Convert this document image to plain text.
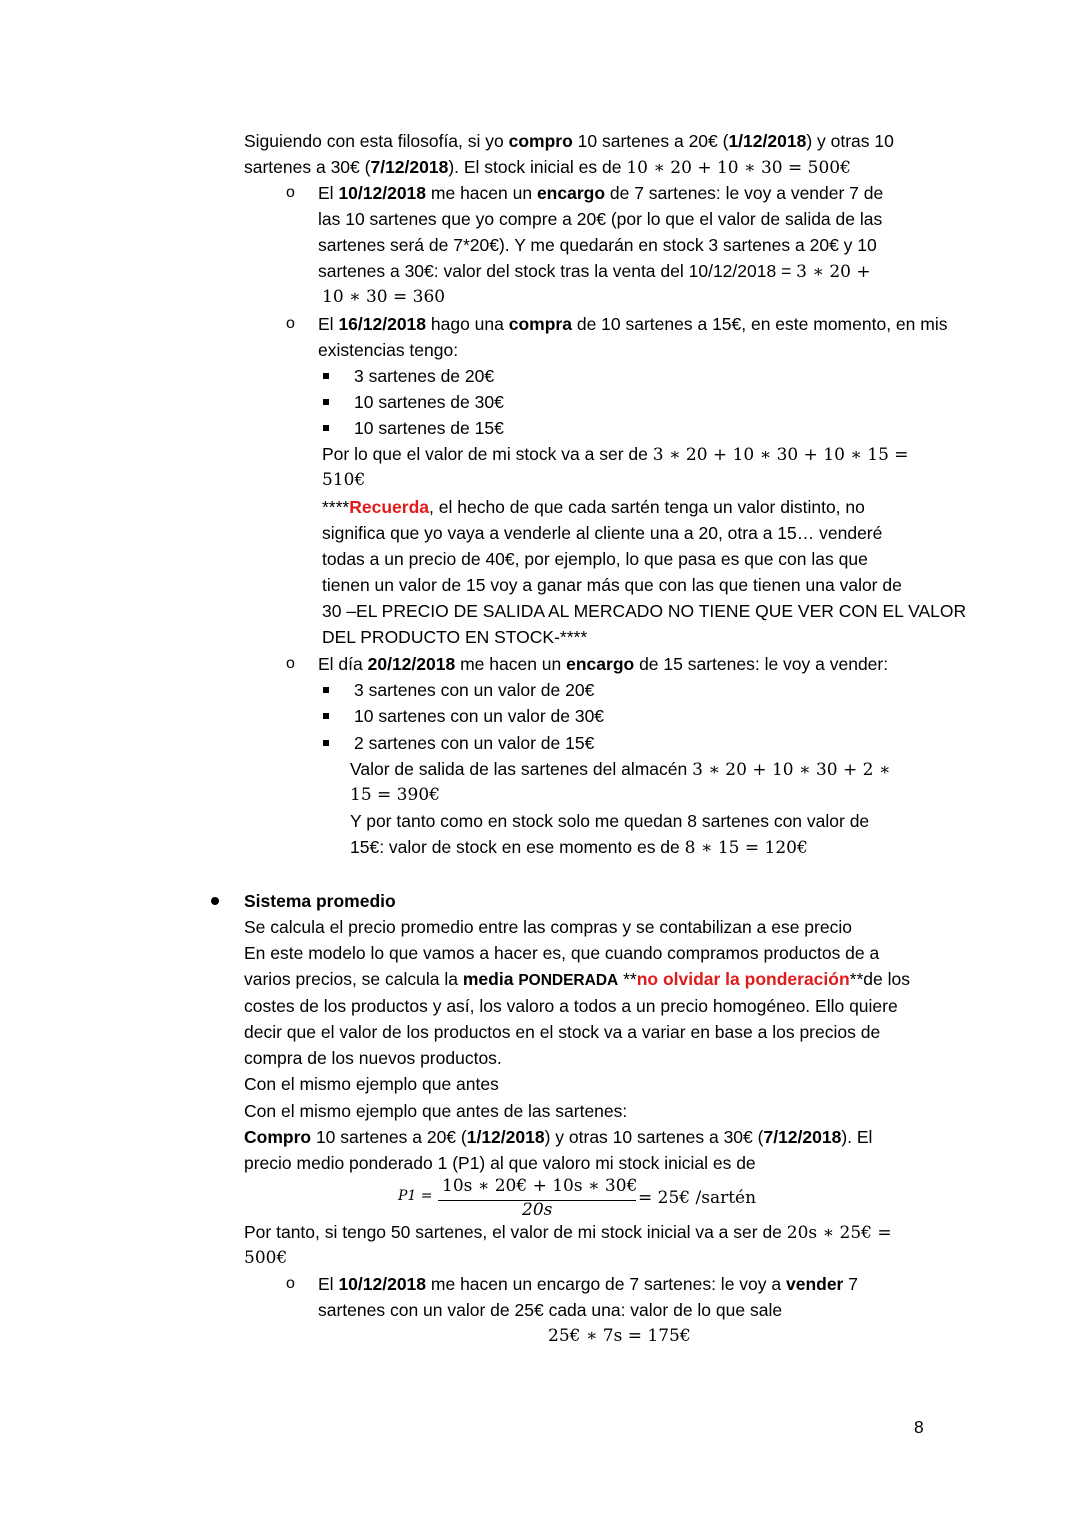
Siguiendo con esta filosofía, si yo compro 10 sartenes a 20€ (1/12/2018) y otras 10
sartenes a 30€ (7/12/2018). El stock inicial es de 10 ∗ 20 + 10 ∗ 30 = 500€
o El 10/12/2018 me hacen un encargo de 7 sartenes: le voy a vender 7 de
las 10 sartenes que yo compre a 20€ (por lo que el valor de salida de las
sartenes será de 7*20€). Y me quedarán en stock 3 sartenes a 20€ y 10
sartenes a 30€: valor del stock tras la venta del 10/12/2018 = 3 ∗ 20 +
10 ∗ 30 = 360
o El 16/12/2018 hago una compra de 10 sartenes a 15€, en este momento, en mis
existencias tengo:
3 sartenes de 20€
10 sartenes de 30€
10 sartenes de 15€
Por lo que el valor de mi stock va a ser de 3 ∗ 20 + 10 ∗ 30 + 10 ∗ 15 =
510€
****Recuerda, el hecho de que cada sartén tenga un valor distinto, no
significa que yo vaya a venderle al cliente una a 20, otra a 15… venderé
todas a un precio de 40€, por ejemplo, lo que pasa es que con las que
tienen un valor de 15 voy a ganar más que con las que tienen una valor de
30 –EL PRECIO DE SALIDA AL MERCADO NO TIENE QUE VER CON EL VALOR
DEL PRODUCTO EN STOCK-****
o El día 20/12/2018 me hacen un encargo de 15 sartenes: le voy a vender:
3 sartenes con un valor de 20€
10 sartenes con un valor de 30€
2 sartenes con un valor de 15€
Valor de salida de las sartenes del almacén 3 ∗ 20 + 10 ∗ 30 + 2 ∗
15 = 390€
Y por tanto como en stock solo me quedan 8 sartenes con valor de
15€: valor de stock en ese momento es de 8 ∗ 15 = 120€
Sistema promedio
Se calcula el precio promedio entre las compras y se contabilizan a ese precio
En este modelo lo que vamos a hacer es, que cuando compramos productos de a
varios precios, se calcula la media PONDERADA **no olvidar la ponderación**de los
costes de los productos y así, los valoro a todos a un precio homogéneo. Ello quiere
decir que el valor de los productos en el stock va a variar en base a los precios de
compra de los nuevos productos.
Con el mismo ejemplo que antes
Con el mismo ejemplo que antes de las sartenes:
Compro 10 sartenes a 20€ (1/12/2018) y otras 10 sartenes a 30€ (7/12/2018). El
precio medio ponderado 1 (P1) al que valoro mi stock inicial es de
P1 = 10s ∗ 20€ + 10s ∗ 30€
20s
= 25€ /sartén
Por tanto, si tengo 50 sartenes, el valor de mi stock inicial va a ser de 20s ∗ 25€ =
500€
o El 10/12/2018 me hacen un encargo de 7 sartenes: le voy a vender 7
sartenes con un valor de 25€ cada una: valor de lo que sale
25€ ∗ 7s = 175€
8
